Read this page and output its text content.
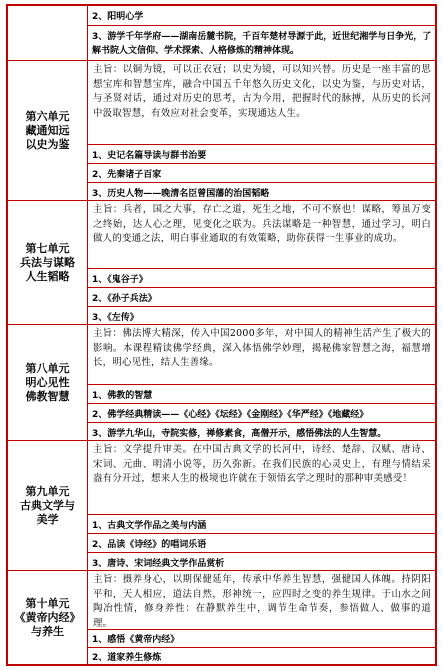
2、阳明心学
3、游学千年学府——湖南岳麓书院，千百年楚材导源于此，近世纪湘学与日争光，了解书院人文信仰、学术探索、人格修炼的精神体现。
第六单元
藏通知远
以史为鉴
主旨：以铜为镜，可以正衣冠；以史为镜，可以知兴替。历史是一座丰富的思想宝库和智慧宝库，融合中国五千年悠久历史文化，以史为鉴，与历史对话，与圣贤对话，通过对历史的思考，古为今用，把握时代的脉搏，从历史的长河中汲取智慧，有效应对社会变革，实现通达人生。
1、史记名篇导读与群书治要
2、先秦诸子百家
3、历史人物——晚清名臣曾国藩的治国韬略
第七单元
兵法与谋略
人生韬略
主旨：兵者，国之大事，存亡之道，死生之地，不可不察也！谋略，筹虽万变之终始，达人心之理，见变化之联为。兵法谋略是一种智慧，通过学习，明白做人的变通之法，明白事业通取的有效策略，助你获得一生事业的成功。
1、《鬼谷子》
2、《孙子兵法》
3、《左传》
第八单元
明心见性
佛教智慧
主旨：佛法博大精深，传入中国2000多年，对中国人的精神生活产生了极大的影响。本课程精读佛学经典，深入体悟佛学妙理，揭秘佛家智慧之海，福慧增长，明心见性，结人生善缘。
1、佛教的智慧
2、佛学经典精读——《心经》《坛经》《金刚经》《华严经》《地藏经》
3、游学九华山，寺院实修，禅修素食，高僧开示，感悟佛法的人生智慧。
第九单元
古典文学与
美学
主旨：文学提升审美。在中国古典文学的长河中，诗经、楚辞、汉赋、唐诗、宋词、元曲、明清小说等，历久弥新。在我们民族的心灵史上，有理与情结采盎有分开过，想来人生的极境也许就在于领悟玄学之理时的那种审美感受！
1、古典文学作品之美与内涵
2、品读《诗经》的唱词乐语
3、唐诗、宋词经典文学作品赏析
第十单元
《黄帝内经》
与养生
主旨：摄养身心，以期保健延年，传承中华养生智慧，强健国人体魄。持阴阳平和，天人相应，道法自然，形神统一，应四时之变的养生规律。于山水之间陶冶性情，修身养性：在静默养生中，调节生命节奏，参悟做人、做事的道理。
1、感悟《黄帝内经》
2、道家养生修炼
